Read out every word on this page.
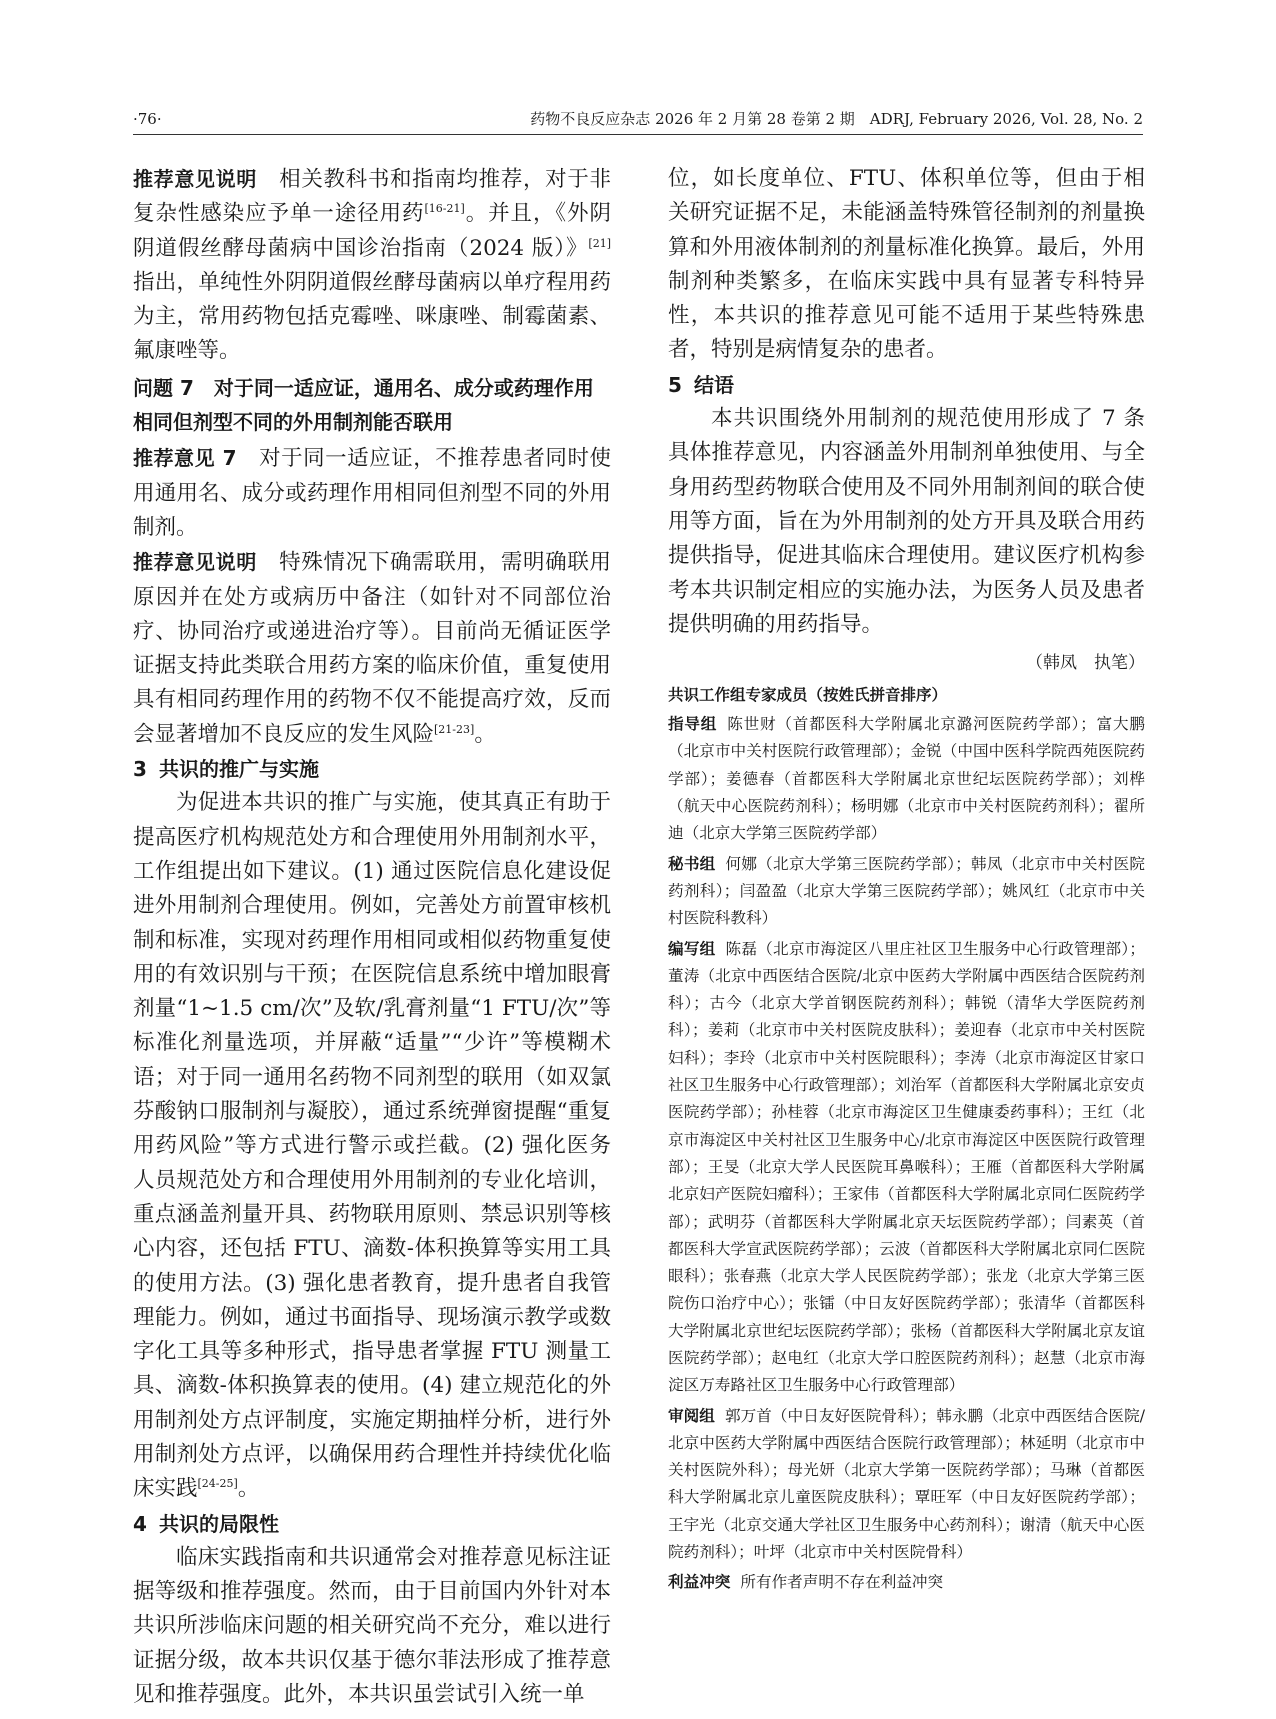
·76·	药物不良反应杂志 2026 年 2 月第 28 卷第 2 期　ADRJ, February 2026, Vol. 28, No. 2

推荐意见说明　 相关教科书和指南均推荐，对于非复杂性感染应予单一途径用药[16-21]。并且，《外阴阴道假丝酵母菌病中国诊治指南（2024 版）》[21]指出，单纯性外阴阴道假丝酵母菌病以单疗程用药为主，常用药物包括克霉唑、咪康唑、制霉菌素、氟康唑等。

问题 7　对于同一适应证，通用名、成分或药理作用相同但剂型不同的外用制剂能否联用

推荐意见 7　 对于同一适应证，不推荐患者同时使用通用名、成分或药理作用相同但剂型不同的外用制剂。

推荐意见说明　 特殊情况下确需联用，需明确联用原因并在处方或病历中备注（如针对不同部位治疗、协同治疗或递进治疗等）。目前尚无循证医学证据支持此类联合用药方案的临床价值，重复使用具有相同药理作用的药物不仅不能提高疗效，反而会显著增加不良反应的发生风险[21-23]。

3 共识的推广与实施

为促进本共识的推广与实施，使其真正有助于提高医疗机构规范处方和合理使用外用制剂水平，工作组提出如下建议。(1) 通过医院信息化建设促进外用制剂合理使用。例如，完善处方前置审核机制和标准，实现对药理作用相同或相似药物重复使用的有效识别与干预；在医院信息系统中增加眼膏剂量“1~1.5 cm/次”及软/乳膏剂量“1 FTU/次”等标准化剂量选项，并屏蔽“适量”“少许”等模糊术语；对于同一通用名药物不同剂型的联用（如双氯芬酸钠口服制剂与凝胶），通过系统弹窗提醒“重复用药风险”等方式进行警示或拦截。(2) 强化医务人员规范处方和合理使用外用制剂的专业化培训，重点涵盖剂量开具、药物联用原则、禁忌识别等核心内容，还包括 FTU、滴数-体积换算等实用工具的使用方法。(3) 强化患者教育，提升患者自我管理能力。例如，通过书面指导、现场演示教学或数字化工具等多种形式，指导患者掌握 FTU 测量工具、滴数-体积换算表的使用。(4) 建立规范化的外用制剂处方点评制度，实施定期抽样分析，进行外用制剂处方点评，以确保用药合理性并持续优化临床实践[24-25]。

4 共识的局限性

临床实践指南和共识通常会对推荐意见标注证据等级和推荐强度。然而，由于目前国内外针对本共识所涉临床问题的相关研究尚不充分，难以进行证据分级，故本共识仅基于德尔菲法形成了推荐意见和推荐强度。此外，本共识虽尝试引入统一单

位，如长度单位、FTU、体积单位等，但由于相关研究证据不足，未能涵盖特殊管径制剂的剂量换算和外用液体制剂的剂量标准化换算。最后，外用制剂种类繁多，在临床实践中具有显著专科特异性，本共识的推荐意见可能不适用于某些特殊患者，特别是病情复杂的患者。

5 结语

本共识围绕外用制剂的规范使用形成了 7 条具体推荐意见，内容涵盖外用制剂单独使用、与全身用药型药物联合使用及不同外用制剂间的联合使用等方面，旨在为外用制剂的处方开具及联合用药提供指导，促进其临床合理使用。建议医疗机构参考本共识制定相应的实施办法，为医务人员及患者提供明确的用药指导。

（韩凤　执笔）
共识工作组专家成员（按姓氏拼音排序）

指导组 陈世财（首都医科大学附属北京潞河医院药学部）；富大鹏（北京市中关村医院行政管理部）；金锐（中国中医科学院西苑医院药学部）；姜德春（首都医科大学附属北京世纪坛医院药学部）；刘桦（航天中心医院药剂科）；杨明娜（北京市中关村医院药剂科）；翟所迪（北京大学第三医院药学部）

秘书组 何娜（北京大学第三医院药学部）；韩凤（北京市中关村医院药剂科）；闫盈盈（北京大学第三医院药学部）；姚风红（北京市中关村医院科教科）

编写组 陈磊（北京市海淀区八里庄社区卫生服务中心行政管理部）；董涛（北京中西医结合医院/北京中医药大学附属中西医结合医院药剂科）；古今（北京大学首钢医院药剂科）；韩锐（清华大学医院药剂科）；姜莉（北京市中关村医院皮肤科）；姜迎春（北京市中关村医院妇科）；李玲（北京市中关村医院眼科）；李涛（北京市海淀区甘家口社区卫生服务中心行政管理部）；刘治军（首都医科大学附属北京安贞医院药学部）；孙桂蓉（北京市海淀区卫生健康委药事科）；王红（北京市海淀区中关村社区卫生服务中心/北京市海淀区中医医院行政管理部）；王旻（北京大学人民医院耳鼻喉科）；王雁（首都医科大学附属北京妇产医院妇瘤科）；王家伟（首都医科大学附属北京同仁医院药学部）；武明芬（首都医科大学附属北京天坛医院药学部）；闫素英（首都医科大学宣武医院药学部）；云波（首都医科大学附属北京同仁医院眼科）；张春燕（北京大学人民医院药学部）；张龙（北京大学第三医院伤口治疗中心）；张镭（中日友好医院药学部）；张清华（首都医科大学附属北京世纪坛医院药学部）；张杨（首都医科大学附属北京友谊医院药学部）；赵电红（北京大学口腔医院药剂科）；赵慧（北京市海淀区万寿路社区卫生服务中心行政管理部）

审阅组 郭万首（中日友好医院骨科）；韩永鹏（北京中西医结合医院/北京中医药大学附属中西医结合医院行政管理部）；林延明（北京市中关村医院外科）；母光妍（北京大学第一医院药学部）；马琳（首都医科大学附属北京儿童医院皮肤科）；覃旺军（中日友好医院药学部）；王宇光（北京交通大学社区卫生服务中心药剂科）；谢清（航天中心医院药剂科）；叶坪（北京市中关村医院骨科）

利益冲突 所有作者声明不存在利益冲突
